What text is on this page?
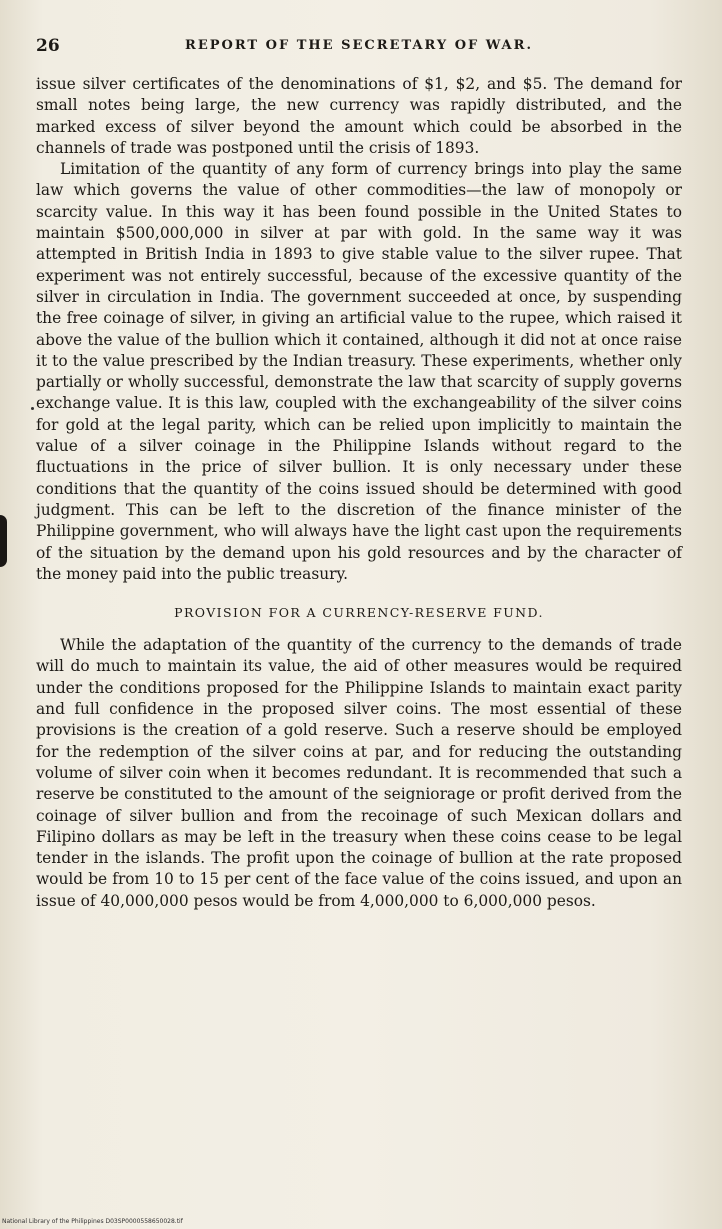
26	REPORT OF THE SECRETARY OF WAR.

issue silver certificates of the denominations of $1, $2, and $5. The demand for small notes being large, the new currency was rapidly distributed, and the marked excess of silver beyond the amount which could be absorbed in the channels of trade was postponed until the crisis of 1893.

Limitation of the quantity of any form of currency brings into play the same law which governs the value of other commodities—the law of monopoly or scarcity value. In this way it has been found possible in the United States to maintain $500,000,000 in silver at par with gold. In the same way it was attempted in British India in 1893 to give stable value to the silver rupee. That experiment was not entirely successful, because of the excessive quantity of the silver in circulation in India. The government succeeded at once, by suspending the free coinage of silver, in giving an artificial value to the rupee, which raised it above the value of the bullion which it contained, although it did not at once raise it to the value prescribed by the Indian treasury. These experiments, whether only partially or wholly successful, demonstrate the law that scarcity of supply governs exchange value. It is this law, coupled with the exchangeability of the silver coins for gold at the legal parity, which can be relied upon implicitly to maintain the value of a silver coinage in the Philippine Islands without regard to the fluctuations in the price of silver bullion. It is only necessary under these conditions that the quantity of the coins issued should be determined with good judgment. This can be left to the discretion of the finance minister of the Philippine government, who will always have the light cast upon the requirements of the situation by the demand upon his gold resources and by the character of the money paid into the public treasury.

PROVISION FOR A CURRENCY-RESERVE FUND.

While the adaptation of the quantity of the currency to the demands of trade will do much to maintain its value, the aid of other measures would be required under the conditions proposed for the Philippine Islands to maintain exact parity and full confidence in the proposed silver coins. The most essential of these provisions is the creation of a gold reserve. Such a reserve should be employed for the redemption of the silver coins at par, and for reducing the outstanding volume of silver coin when it becomes redundant. It is recommended that such a reserve be constituted to the amount of the seigniorage or profit derived from the coinage of silver bullion and from the recoinage of such Mexican dollars and Filipino dollars as may be left in the treasury when these coins cease to be legal tender in the islands. The profit upon the coinage of bullion at the rate proposed would be from 10 to 15 per cent of the face value of the coins issued, and upon an issue of 40,000,000 pesos would be from 4,000,000 to 6,000,000 pesos.

National Library of the Philippines D03SP0000558650028.tif
